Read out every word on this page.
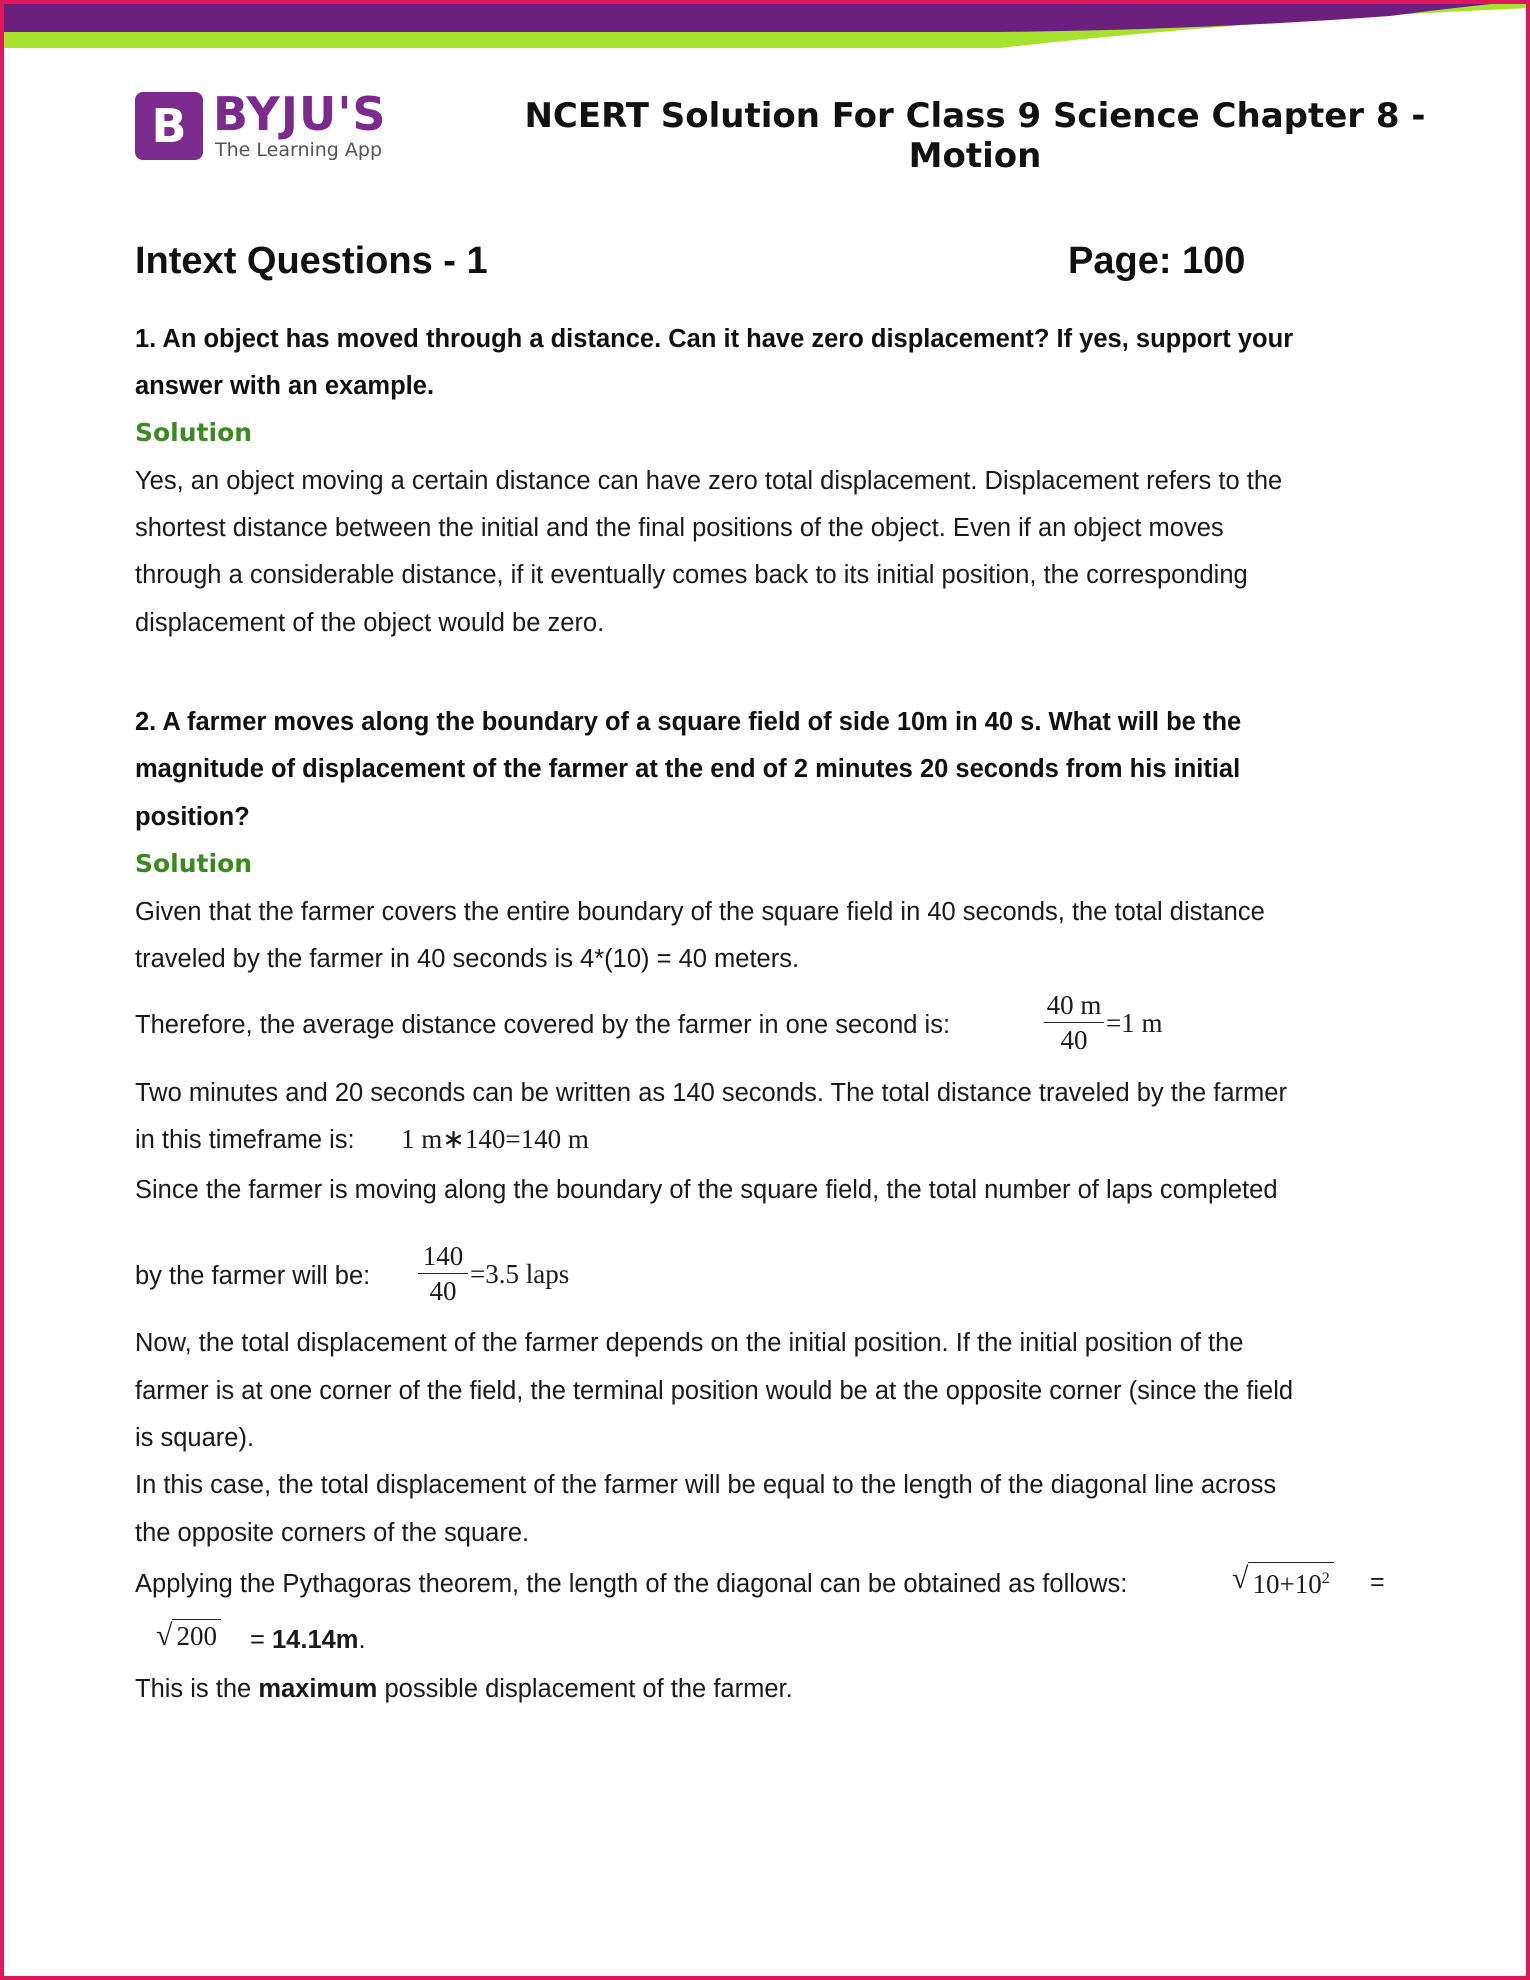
B BYJU'S
The Learning App
NCERT Solution For Class 9 Science Chapter 8 -
Motion
Intext Questions - 1	Page: 100
1. An object has moved through a distance. Can it have zero displacement? If yes, support your
answer with an example.
Solution
Yes, an object moving a certain distance can have zero total displacement. Displacement refers to the
shortest distance between the initial and the final positions of the object. Even if an object moves
through a considerable distance, if it eventually comes back to its initial position, the corresponding
displacement of the object would be zero.
2. A farmer moves along the boundary of a square field of side 10m in 40 s. What will be the
magnitude of displacement of the farmer at the end of 2 minutes 20 seconds from his initial
position?
Solution
Given that the farmer covers the entire boundary of the square field in 40 seconds, the total distance
traveled by the farmer in 40 seconds is 4*(10) = 40 meters.
Therefore, the average distance covered by the farmer in one second is:
40 m
40
=1 m
Two minutes and 20 seconds can be written as 140 seconds. The total distance traveled by the farmer
in this timeframe is: 1 m∗140=140 m
Since the farmer is moving along the boundary of the square field, the total number of laps completed
by the farmer will be:
140
40
=3.5 laps
Now, the total displacement of the farmer depends on the initial position. If the initial position of the
farmer is at one corner of the field, the terminal position would be at the opposite corner (since the field
is square).
In this case, the total displacement of the farmer will be equal to the length of the diagonal line across
the opposite corners of the square.
Applying the Pythagoras theorem, the length of the diagonal can be obtained as follows:	√ $10+10^2$ =
√ 200 = 14.14m.
This is the maximum possible displacement of the farmer.
